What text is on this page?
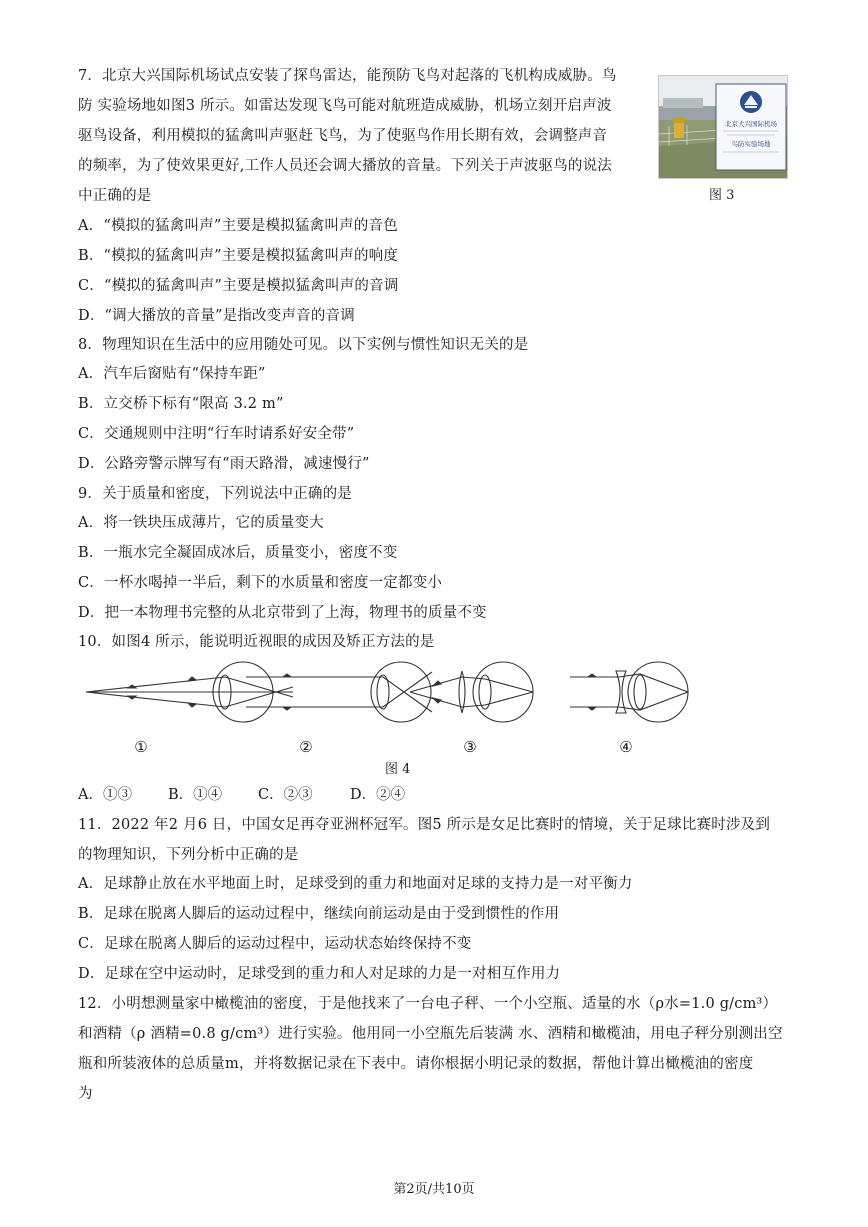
7．北京大兴国际机场试点安装了探鸟雷达，能预防飞鸟对起落的飞机构成威胁。鸟
防 实验场地如图3 所示。如雷达发现飞鸟可能对航班造成威胁，机场立刻开启声波
驱鸟设备，利用模拟的猛禽叫声驱赶飞鸟，为了使驱鸟作用长期有效，会调整声音
的频率，为了使效果更好,工作人员还会调大播放的音量。下列关于声波驱鸟的说法
中正确的是
A．“模拟的猛禽叫声”主要是模拟猛禽叫声的音色
B．“模拟的猛禽叫声”主要是模拟猛禽叫声的响度
C．“模拟的猛禽叫声”主要是模拟猛禽叫声的音调
D．“调大播放的音量”是指改变声音的音调
北京大兴国际机场
鸟防实验场地
图 3
8．物理知识在生活中的应用随处可见。以下实例与惯性知识无关的是
A．汽车后窗贴有“保持车距”
B．立交桥下标有“限高 3.2 m”
C．交通规则中注明“行车时请系好安全带”
D．公路旁警示牌写有“雨天路滑，减速慢行”
9．关于质量和密度，下列说法中正确的是
A．将一铁块压成薄片，它的质量变大
B．一瓶水完全凝固成冰后，质量变小，密度不变
C．一杯水喝掉一半后，剩下的水质量和密度一定都变小
D．把一本物理书完整的从北京带到了上海，物理书的质量不变
10．如图4 所示，能说明近视眼的成因及矫正方法的是
①	②	③	④
图 4
A．①③ B．①④ C．②③	D．②④
11．2022 年2 月6 日，中国女足再夺亚洲杯冠军。图5 所示是女足比赛时的情境，关于足球比赛时涉及到
的物理知识，下列分析中正确的是
A．足球静止放在水平地面上时，足球受到的重力和地面对足球的支持力是一对平衡力
B．足球在脱离人脚后的运动过程中，继续向前运动是由于受到惯性的作用
C．足球在脱离人脚后的运动过程中，运动状态始终保持不变
D．足球在空中运动时，足球受到的重力和人对足球的力是一对相互作用力
12．小明想测量家中橄榄油的密度，于是他找来了一台电子秤、一个小空瓶、适量的水（ρ水=1.0 g/cm³）
和酒精（ρ 酒精=0.8 g/cm³）进行实验。他用同一小空瓶先后装满 水、酒精和橄榄油，用电子秤分别测出空
瓶和所装液体的总质量m，并将数据记录在下表中。请你根据小明记录的数据，帮他计算出橄榄油的密度
为
第2页/共10页
